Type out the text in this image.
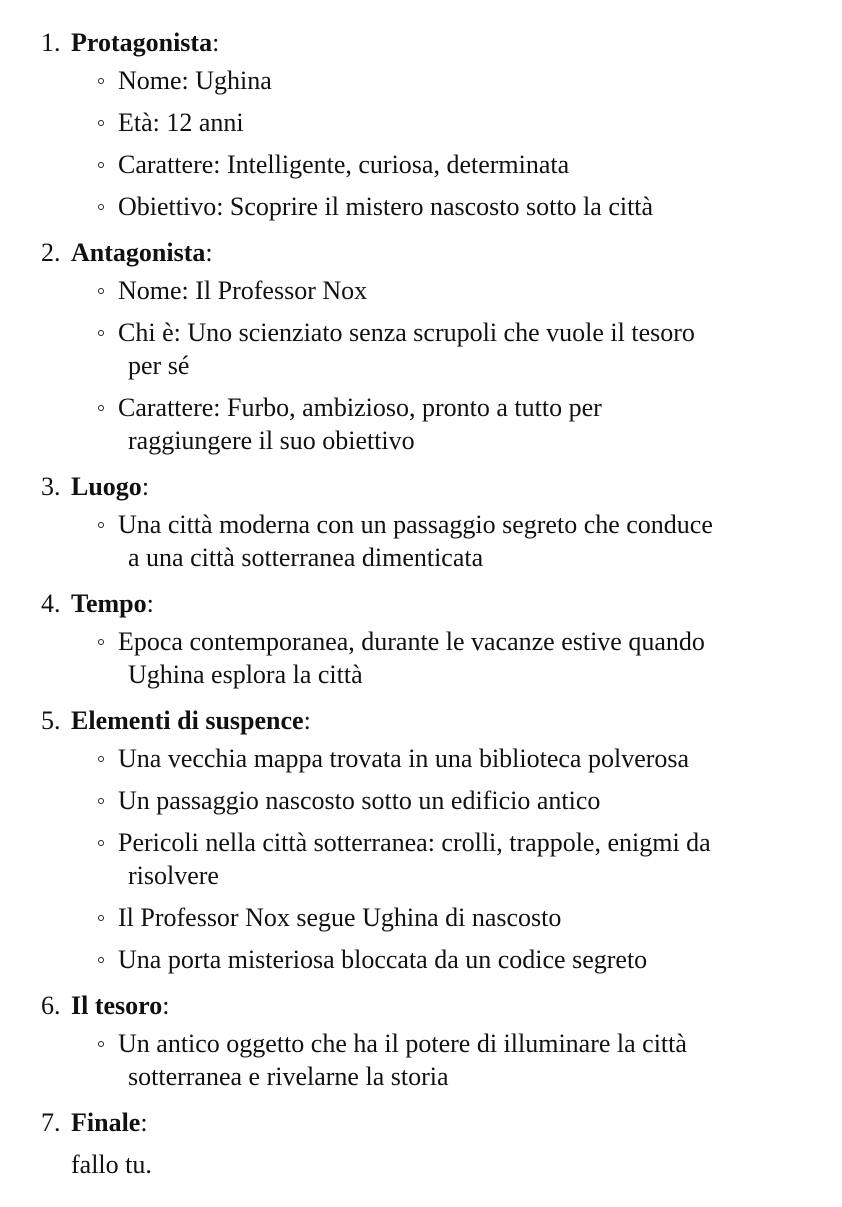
1. Protagonista:
Nome: Ughina
Età: 12 anni
Carattere: Intelligente, curiosa, determinata
Obiettivo: Scoprire il mistero nascosto sotto la città
2. Antagonista:
Nome: Il Professor Nox
Chi è: Uno scienziato senza scrupoli che vuole il tesoro
per sé
Carattere: Furbo, ambizioso, pronto a tutto per
raggiungere il suo obiettivo
3. Luogo:
Una città moderna con un passaggio segreto che conduce
a una città sotterranea dimenticata
4. Tempo:
Epoca contemporanea, durante le vacanze estive quando
Ughina esplora la città
5. Elementi di suspence:
Una vecchia mappa trovata in una biblioteca polverosa
Un passaggio nascosto sotto un edificio antico
Pericoli nella città sotterranea: crolli, trappole, enigmi da
risolvere
Il Professor Nox segue Ughina di nascosto
Una porta misteriosa bloccata da un codice segreto
6. Il tesoro:
Un antico oggetto che ha il potere di illuminare la città
sotterranea e rivelarne la storia
7. Finale:
fallo tu.
